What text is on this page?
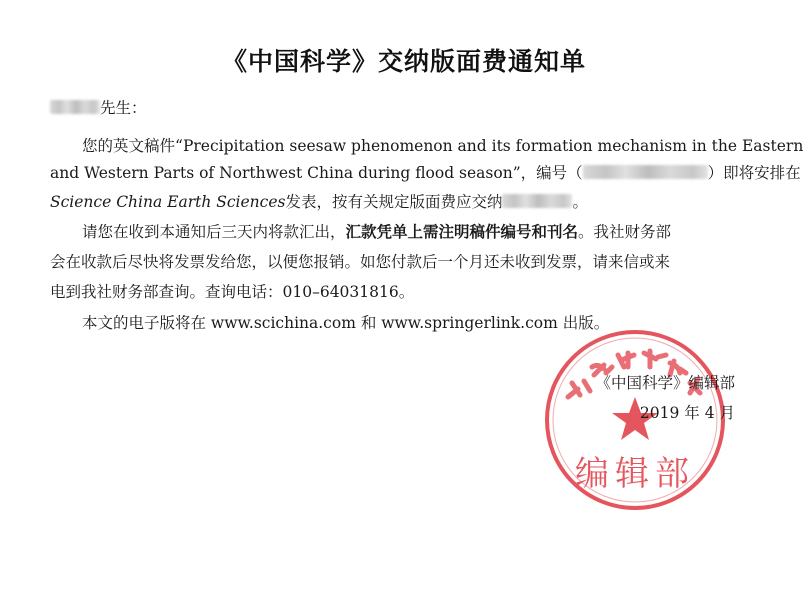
《中国科学》交纳版面费通知单
先生：
您的英文稿件“Precipitation seesaw phenomenon and its formation mechanism in the Eastern
and Western Parts of Northwest China during flood season”，编号（	）即将安排在
Science China Earth Sciences发表，按有关规定版面费应交纳	。
请您在收到本通知后三天内将款汇出，汇款凭单上需注明稿件编号和刊名。我社财务部
会在收款后尽快将发票发给您，以便您报销。如您付款后一个月还未收到发票，请来信或来
电到我社财务部查询。查询电话：010–64031816。
本文的电子版将在 www.scichina.com 和 www.springerlink.com 出版。
编辑部
《中国科学》编辑部
2019 年 4 月
